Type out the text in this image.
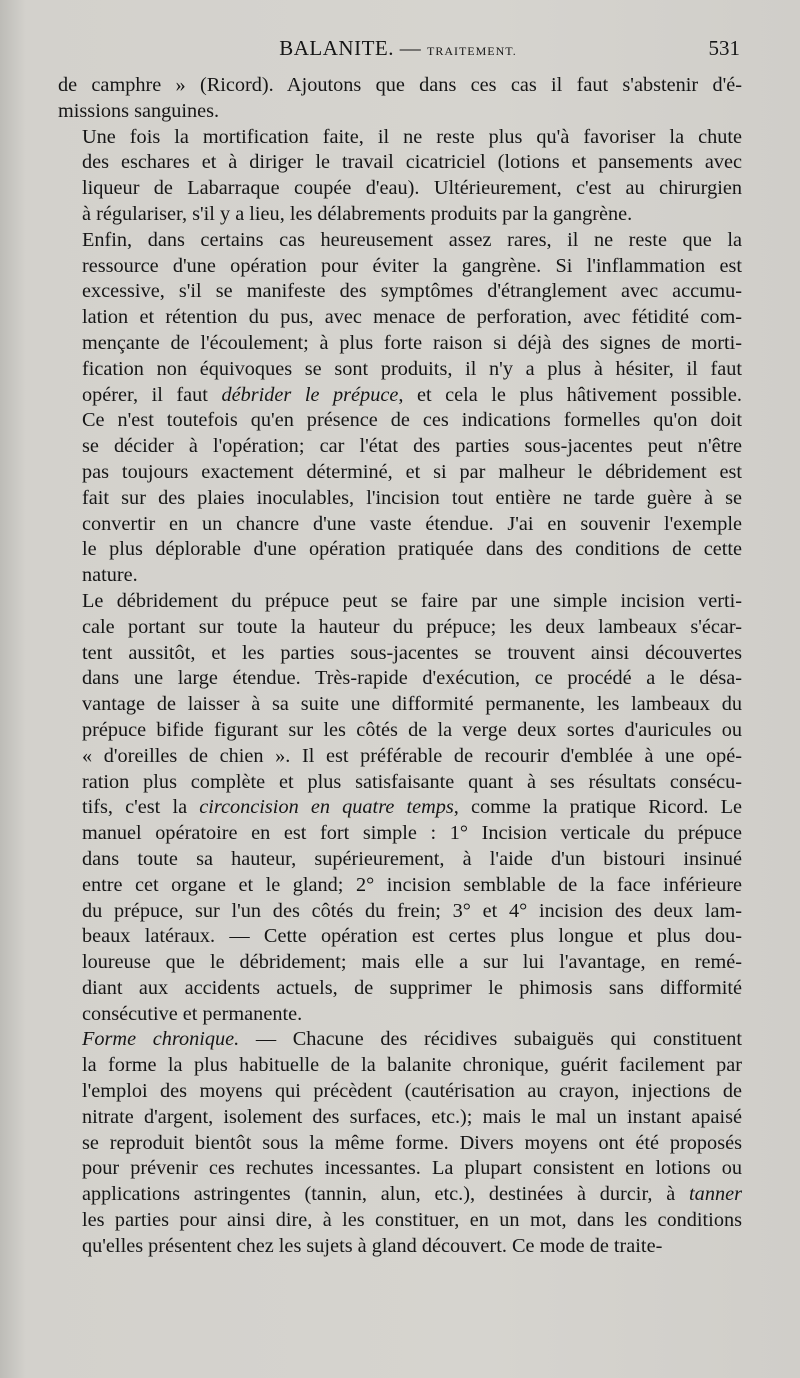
BALANITE. — TRAITEMENT.	531

de camphre » (Ricord). Ajoutons que dans ces cas il faut s'abstenir d'é-
missions sanguines.

Une fois la mortification faite, il ne reste plus qu'à favoriser la chute
des eschares et à diriger le travail cicatriciel (lotions et pansements avec
liqueur de Labarraque coupée d'eau). Ultérieurement, c'est au chirurgien
à régulariser, s'il y a lieu, les délabrements produits par la gangrène.

Enfin, dans certains cas heureusement assez rares, il ne reste que la
ressource d'une opération pour éviter la gangrène. Si l'inflammation est
excessive, s'il se manifeste des symptômes d'étranglement avec accumu-
lation et rétention du pus, avec menace de perforation, avec fétidité com-
mençante de l'écoulement; à plus forte raison si déjà des signes de morti-
fication non équivoques se sont produits, il n'y a plus à hésiter, il faut
opérer, il faut débrider le prépuce, et cela le plus hâtivement possible.
Ce n'est toutefois qu'en présence de ces indications formelles qu'on doit
se décider à l'opération; car l'état des parties sous-jacentes peut n'être
pas toujours exactement déterminé, et si par malheur le débridement est
fait sur des plaies inoculables, l'incision tout entière ne tarde guère à se
convertir en un chancre d'une vaste étendue. J'ai en souvenir l'exemple
le plus déplorable d'une opération pratiquée dans des conditions de cette
nature.

Le débridement du prépuce peut se faire par une simple incision verti-
cale portant sur toute la hauteur du prépuce; les deux lambeaux s'écar-
tent aussitôt, et les parties sous-jacentes se trouvent ainsi découvertes
dans une large étendue. Très-rapide d'exécution, ce procédé a le désa-
vantage de laisser à sa suite une difformité permanente, les lambeaux du
prépuce bifide figurant sur les côtés de la verge deux sortes d'auricules ou
« d'oreilles de chien ». Il est préférable de recourir d'emblée à une opé-
ration plus complète et plus satisfaisante quant à ses résultats consécu-
tifs, c'est la circoncision en quatre temps, comme la pratique Ricord. Le
manuel opératoire en est fort simple : 1° Incision verticale du prépuce
dans toute sa hauteur, supérieurement, à l'aide d'un bistouri insinué
entre cet organe et le gland; 2° incision semblable de la face inférieure
du prépuce, sur l'un des côtés du frein; 3° et 4° incision des deux lam-
beaux latéraux. — Cette opération est certes plus longue et plus dou-
loureuse que le débridement; mais elle a sur lui l'avantage, en remé-
diant aux accidents actuels, de supprimer le phimosis sans difformité
consécutive et permanente.

Forme chronique. — Chacune des récidives subaiguës qui constituent
la forme la plus habituelle de la balanite chronique, guérit facilement par
l'emploi des moyens qui précèdent (cautérisation au crayon, injections de
nitrate d'argent, isolement des surfaces, etc.); mais le mal un instant apaisé
se reproduit bientôt sous la même forme. Divers moyens ont été proposés
pour prévenir ces rechutes incessantes. La plupart consistent en lotions ou
applications astringentes (tannin, alun, etc.), destinées à durcir, à tanner
les parties pour ainsi dire, à les constituer, en un mot, dans les conditions
qu'elles présentent chez les sujets à gland découvert. Ce mode de traite-
